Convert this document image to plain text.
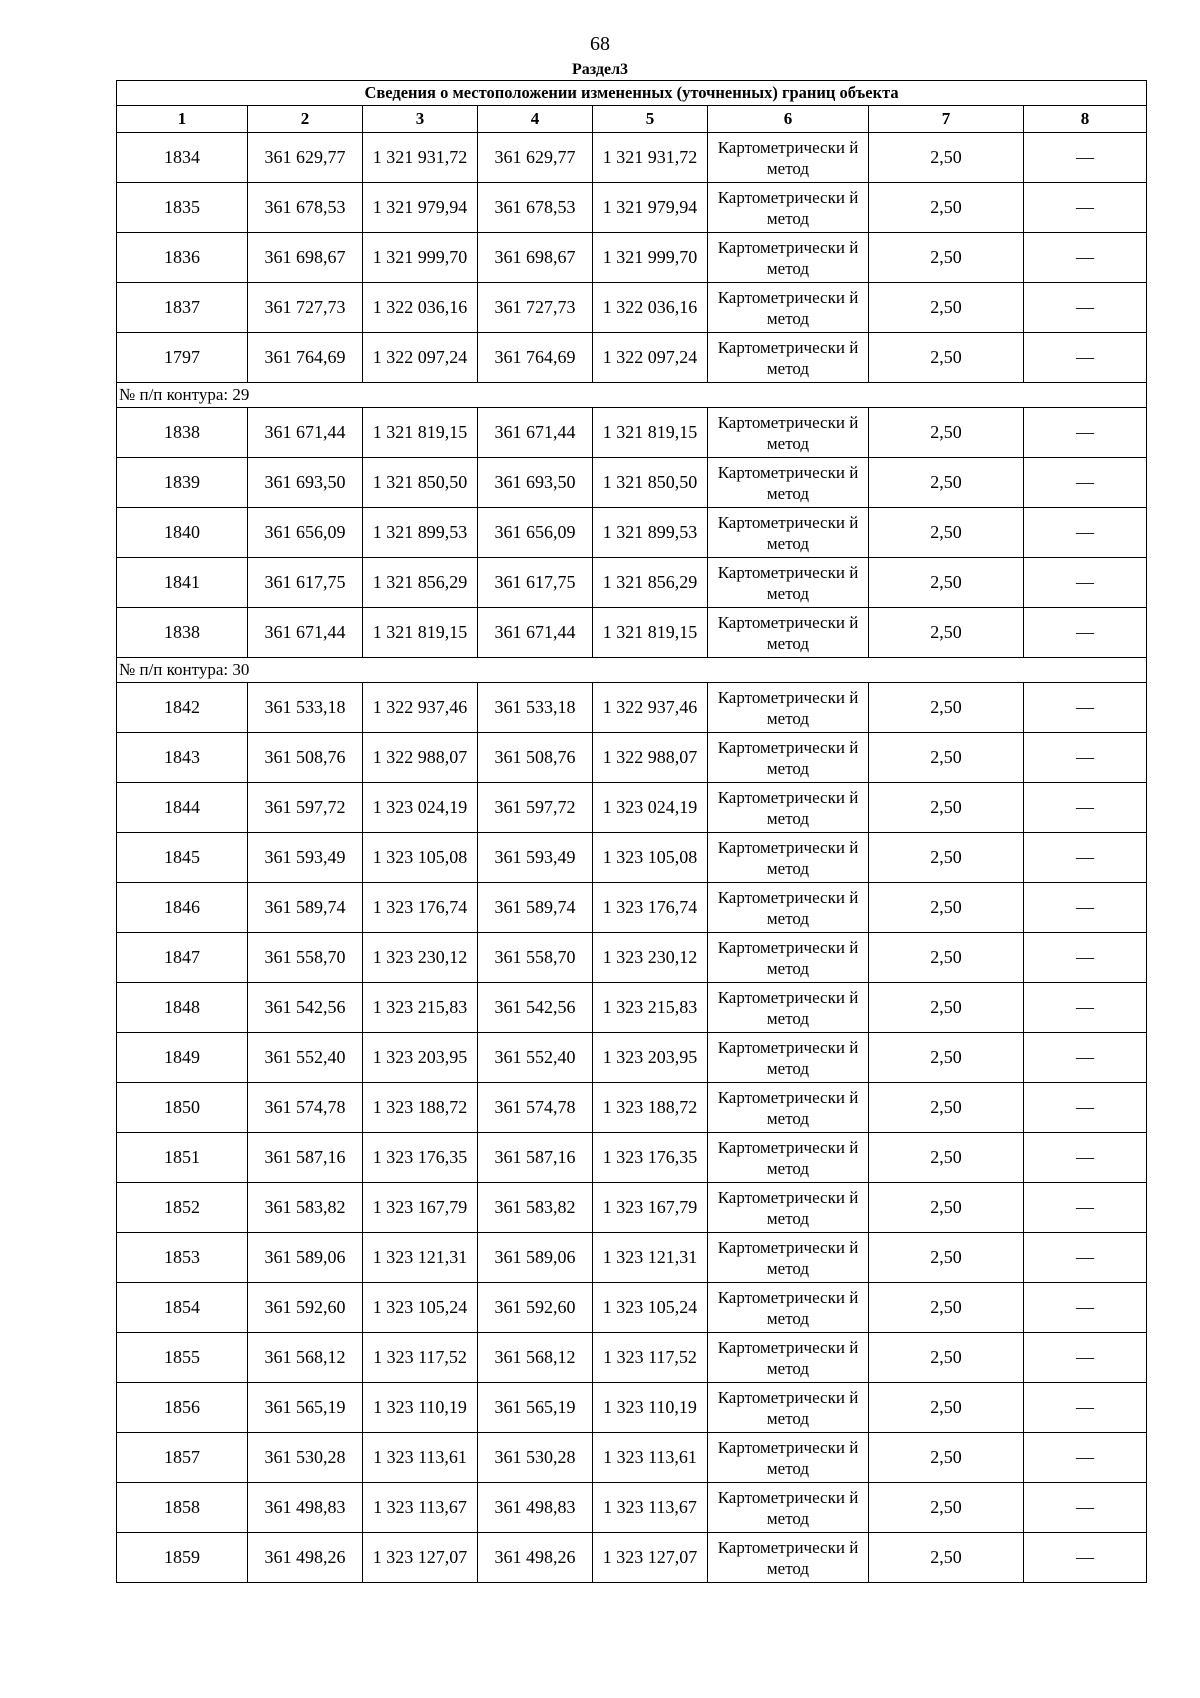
68
Раздел3
Сведения о местоположении измененных (уточненных) границ объекта							
1	2	3	4	5	6	7	8
1834	361 629,77	1 321 931,72	361 629,77	1 321 931,72	Картометрически й метод	2,50	—
1835	361 678,53	1 321 979,94	361 678,53	1 321 979,94	Картометрически й метод	2,50	—
1836	361 698,67	1 321 999,70	361 698,67	1 321 999,70	Картометрически й метод	2,50	—
1837	361 727,73	1 322 036,16	361 727,73	1 322 036,16	Картометрически й метод	2,50	—
1797	361 764,69	1 322 097,24	361 764,69	1 322 097,24	Картометрически й метод	2,50	—
№ п/п контура: 29							
1838	361 671,44	1 321 819,15	361 671,44	1 321 819,15	Картометрически й метод	2,50	—
1839	361 693,50	1 321 850,50	361 693,50	1 321 850,50	Картометрически й метод	2,50	—
1840	361 656,09	1 321 899,53	361 656,09	1 321 899,53	Картометрически й метод	2,50	—
1841	361 617,75	1 321 856,29	361 617,75	1 321 856,29	Картометрически й метод	2,50	—
1838	361 671,44	1 321 819,15	361 671,44	1 321 819,15	Картометрически й метод	2,50	—
№ п/п контура: 30							
1842	361 533,18	1 322 937,46	361 533,18	1 322 937,46	Картометрически й метод	2,50	—
1843	361 508,76	1 322 988,07	361 508,76	1 322 988,07	Картометрически й метод	2,50	—
1844	361 597,72	1 323 024,19	361 597,72	1 323 024,19	Картометрически й метод	2,50	—
1845	361 593,49	1 323 105,08	361 593,49	1 323 105,08	Картометрически й метод	2,50	—
1846	361 589,74	1 323 176,74	361 589,74	1 323 176,74	Картометрически й метод	2,50	—
1847	361 558,70	1 323 230,12	361 558,70	1 323 230,12	Картометрически й метод	2,50	—
1848	361 542,56	1 323 215,83	361 542,56	1 323 215,83	Картометрически й метод	2,50	—
1849	361 552,40	1 323 203,95	361 552,40	1 323 203,95	Картометрически й метод	2,50	—
1850	361 574,78	1 323 188,72	361 574,78	1 323 188,72	Картометрически й метод	2,50	—
1851	361 587,16	1 323 176,35	361 587,16	1 323 176,35	Картометрически й метод	2,50	—
1852	361 583,82	1 323 167,79	361 583,82	1 323 167,79	Картометрически й метод	2,50	—
1853	361 589,06	1 323 121,31	361 589,06	1 323 121,31	Картометрически й метод	2,50	—
1854	361 592,60	1 323 105,24	361 592,60	1 323 105,24	Картометрически й метод	2,50	—
1855	361 568,12	1 323 117,52	361 568,12	1 323 117,52	Картометрически й метод	2,50	—
1856	361 565,19	1 323 110,19	361 565,19	1 323 110,19	Картометрически й метод	2,50	—
1857	361 530,28	1 323 113,61	361 530,28	1 323 113,61	Картометрически й метод	2,50	—
1858	361 498,83	1 323 113,67	361 498,83	1 323 113,67	Картометрически й метод	2,50	—
1859	361 498,26	1 323 127,07	361 498,26	1 323 127,07	Картометрически й метод	2,50	—
